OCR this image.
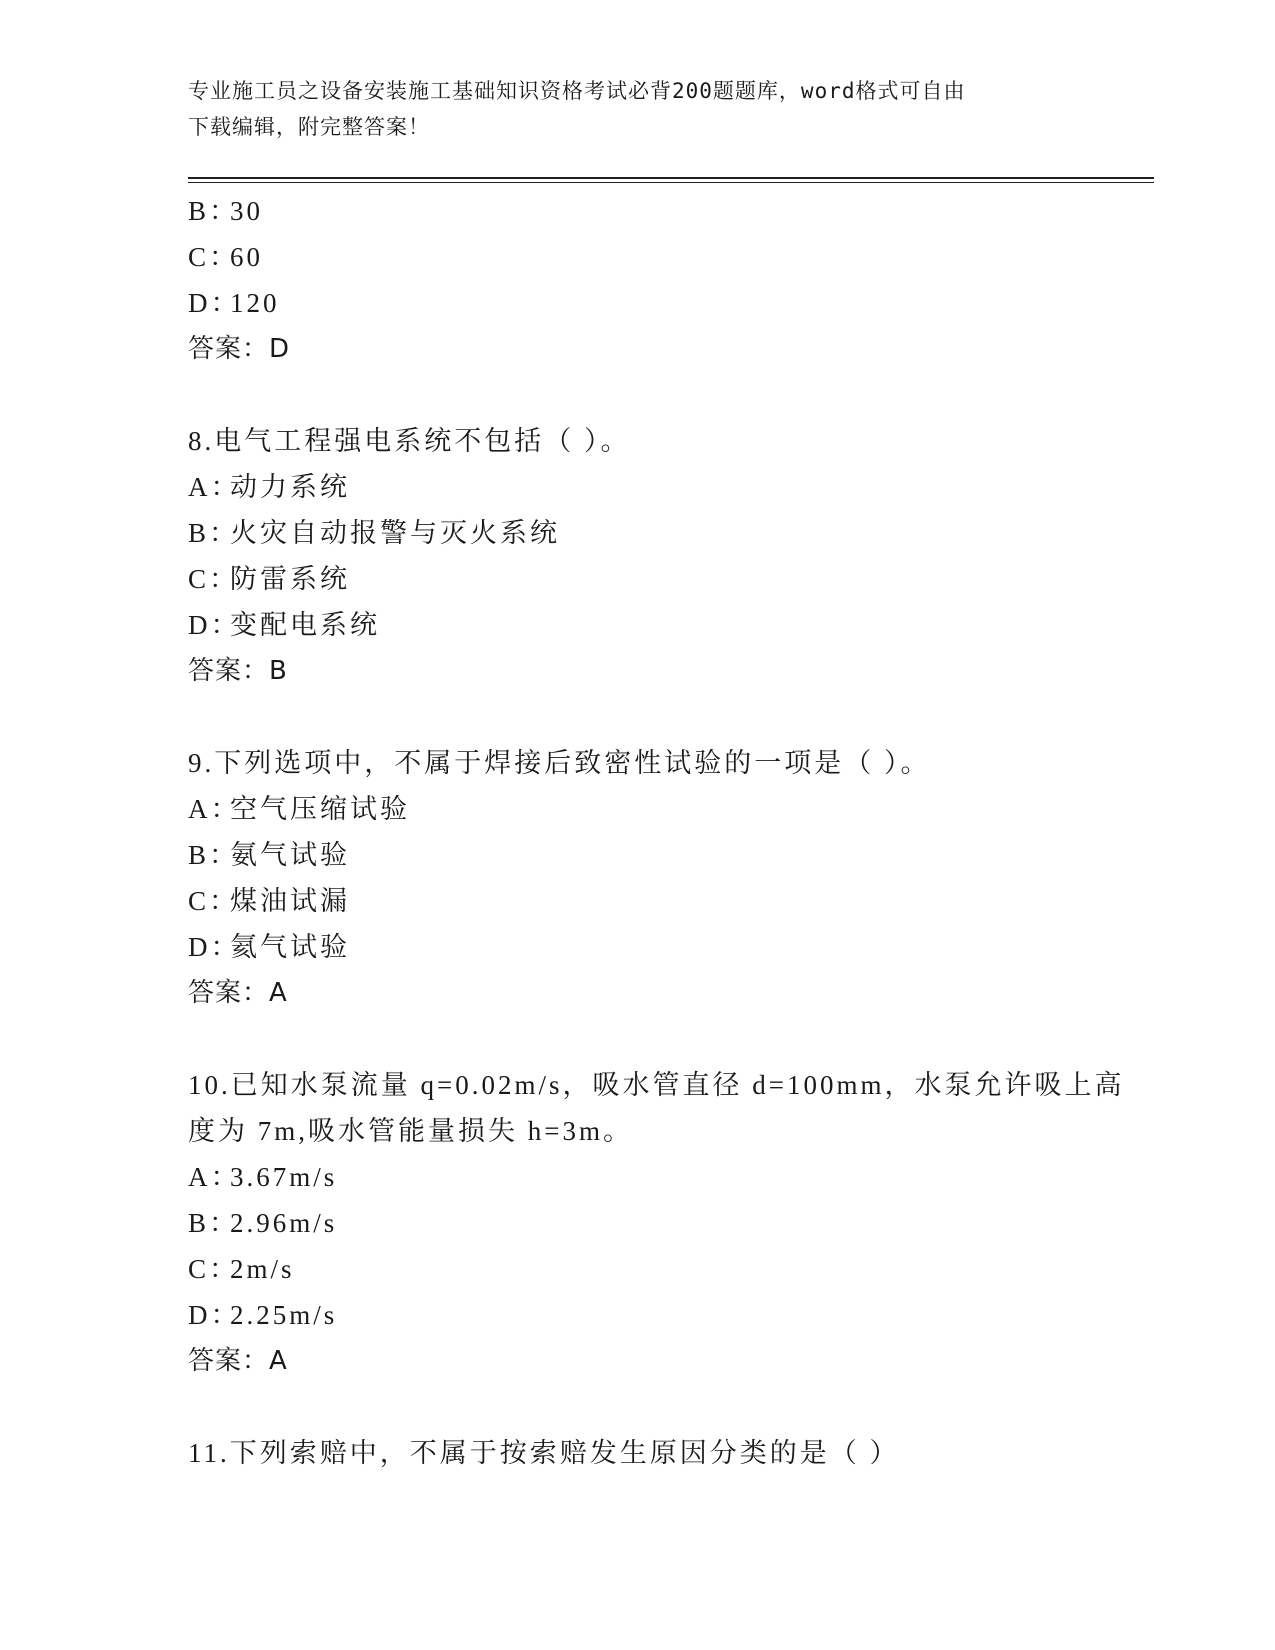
专业施工员之设备安装施工基础知识资格考试必背200题题库，word格式可自由
下载编辑，附完整答案！
B：
30
C：
60
D：
120
答案：D
8.电气工程强电系统不包括（ ）。
A：
动力系统
B：
火灾自动报警与灭火系统
C：
防雷系统
D：
变配电系统
答案：B
9.下列选项中，不属于焊接后致密性试验的一项是（ ）。
A：
空气压缩试验
B：
氨气试验
C：
煤油试漏
D：
氦气试验
答案：A
10.已知水泵流量 q=0.02m/s，吸水管直径 d=100mm，水泵允许吸上高
度为 7m,吸水管能量损失 h=3m。
A：
3.67m/s
B：
2.96m/s
C：
2m/s
D：
2.25m/s
答案：A
11.下列索赔中，不属于按索赔发生原因分类的是（ ）
